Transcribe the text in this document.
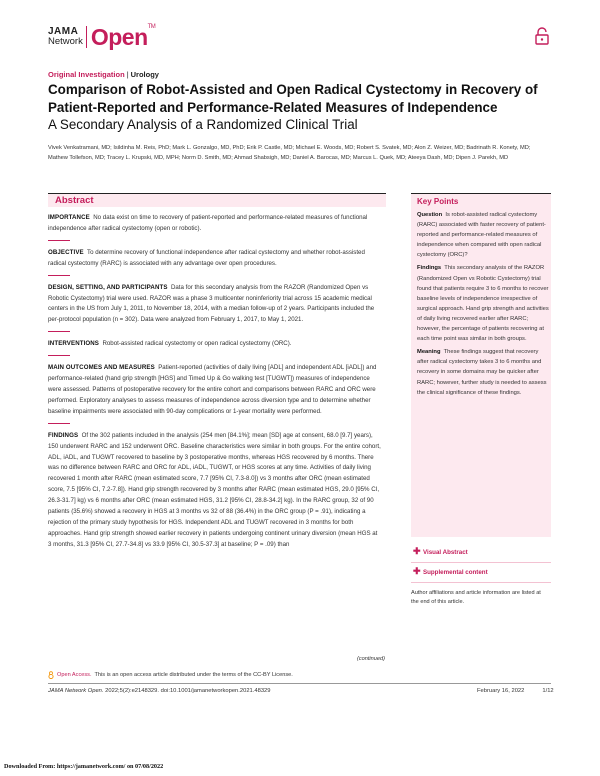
JAMA
Network Open™
Original Investigation | Urology
Comparison of Robot-Assisted and Open Radical Cystectomy in Recovery of Patient-Reported and Performance-Related Measures of Independence
A Secondary Analysis of a Randomized Clinical Trial
Vivek Venkatramani, MD; Isildinha M. Reis, PhD; Mark L. Gonzalgo, MD, PhD; Erik P. Castle, MD; Michael E. Woods, MD; Robert S. Svatek, MD; Alon Z. Weizer, MD; Badrinath R. Konety, MD; Mathew Tollefson, MD; Tracey L. Krupski, MD, MPH; Norm D. Smith, MD; Ahmad Shabsigh, MD; Daniel A. Barocas, MD; Marcus L. Quek, MD; Ateeya Dash, MD; Dipen J. Parekh, MD
Abstract

IMPORTANCE No data exist on time to recovery of patient-reported and performance-related measures of functional independence after radical cystectomy (open or robotic).

OBJECTIVE To determine recovery of functional independence after radical cystectomy and whether robot-assisted radical cystectomy (RARC) is associated with any advantage over open procedures.

DESIGN, SETTING, AND PARTICIPANTS Data for this secondary analysis from the RAZOR (Randomized Open vs Robotic Cystectomy) trial were used. RAZOR was a phase 3 multicenter noninferiority trial across 15 academic medical centers in the US from July 1, 2011, to November 18, 2014, with a median follow-up of 2 years. Participants included the per-protocol population (n = 302). Data were analyzed from February 1, 2017, to May 1, 2021.

INTERVENTIONS Robot-assisted radical cystectomy or open radical cystectomy (ORC).

MAIN OUTCOMES AND MEASURES Patient-reported (activities of daily living [ADL] and independent ADL [iADL]) and performance-related (hand grip strength [HGS] and Timed Up & Go walking test [TUGWT]) measures of independence were assessed. Patterns of postoperative recovery for the entire cohort and comparisons between RARC and ORC were performed. Exploratory analyses to assess measures of independence across diversion type and to determine whether baseline impairments were associated with 90-day complications or 1-year mortality were performed.

FINDINGS Of the 302 patients included in the analysis (254 men [84.1%]; mean [SD] age at consent, 68.0 [9.7] years), 150 underwent RARC and 152 underwent ORC. Baseline characteristics were similar in both groups. For the entire cohort, ADL, iADL, and TUGWT recovered to baseline by 3 postoperative months, whereas HGS recovered by 6 months. There was no difference between RARC and ORC for ADL, iADL, TUGWT, or HGS scores at any time. Activities of daily living recovered 1 month after RARC (mean estimated score, 7.7 [95% CI, 7.3-8.0]) vs 3 months after ORC (mean estimated score, 7.5 [95% CI, 7.2-7.8]). Hand grip strength recovered by 3 months after RARC (mean estimated HGS, 29.0 [95% CI, 26.3-31.7] kg) vs 6 months after ORC (mean estimated HGS, 31.2 [95% CI, 28.8-34.2] kg). In the RARC group, 32 of 90 patients (35.6%) showed a recovery in HGS at 3 months vs 32 of 88 (36.4%) in the ORC group (P = .91), indicating a rejection of the primary study hypothesis for HGS. Independent ADL and TUGWT recovered in 3 months for both approaches. Hand grip strength showed earlier recovery in patients undergoing continent urinary diversion (mean HGS at 3 months, 31.3 [95% CI, 27.7-34.8] vs 33.9 [95% CI, 30.5-37.3] at baseline; P = .09) than

(continued)
Key Points

Question Is robot-assisted radical cystectomy (RARC) associated with faster recovery of patient-reported and performance-related measures of independence when compared with open radical cystectomy (ORC)?

Findings This secondary analysis of the RAZOR (Randomized Open vs Robotic Cystectomy) trial found that patients require 3 to 6 months to recover baseline levels of independence irrespective of surgical approach. Hand grip strength and activities of daily living recovered earlier after RARC; however, the percentage of patients recovering at each time point was similar in both groups.

Meaning These findings suggest that recovery after radical cystectomy takes 3 to 6 months and recovery in some domains may be quicker after RARC; however, further study is needed to assess the clinical significance of these findings.

✚ Visual Abstract
✚ Supplemental content
Author affiliations and article information are listed at the end of this article.
Open Access. This is an open access article distributed under the terms of the CC-BY License.
JAMA Network Open. 2022;5(2):e2148329. doi:10.1001/jamanetworkopen.2021.48329	February 16, 2022	1/12
Downloaded From: https://jamanetwork.com/ on 07/08/2022
